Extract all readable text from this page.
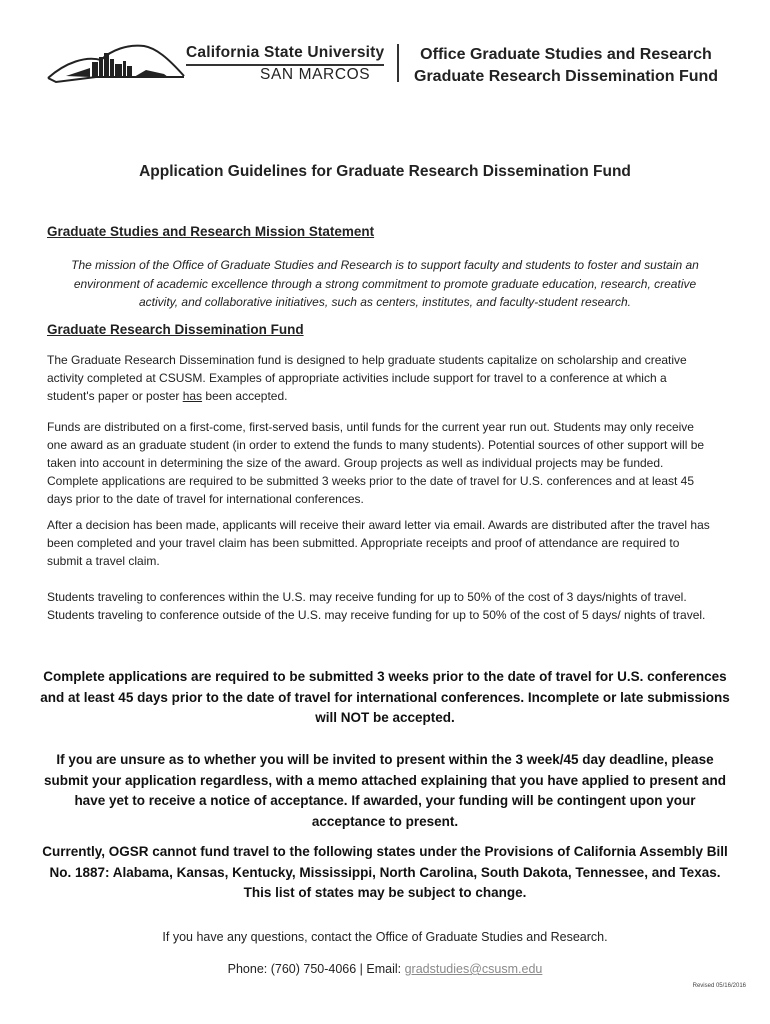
California State University
SAN MARCOS
Office Graduate Studies and Research
Graduate Research Dissemination Fund
Application Guidelines for Graduate Research Dissemination Fund
Graduate Studies and Research Mission Statement
The mission of the Office of Graduate Studies and Research is to support faculty and students to foster and sustain an environment of academic excellence through a strong commitment to promote graduate education, research, creative activity, and collaborative initiatives, such as centers, institutes, and faculty-student research.
Graduate Research Dissemination Fund
The Graduate Research Dissemination fund is designed to help graduate students capitalize on scholarship and creative activity completed at CSUSM. Examples of appropriate activities include support for travel to a conference at which a student's paper or poster has been accepted.
Funds are distributed on a first-come, first-served basis, until funds for the current year run out. Students may only receive one award as an graduate student (in order to extend the funds to many students). Potential sources of other support will be taken into account in determining the size of the award. Group projects as well as individual projects may be funded. Complete applications are required to be submitted 3 weeks prior to the date of travel for U.S. conferences and at least 45 days prior to the date of travel for international conferences.
After a decision has been made, applicants will receive their award letter via email. Awards are distributed after the travel has been completed and your travel claim has been submitted. Appropriate receipts and proof of attendance are required to submit a travel claim.
Students traveling to conferences within the U.S. may receive funding for up to 50% of the cost of 3 days/nights of travel. Students traveling to conference outside of the U.S. may receive funding for up to 50% of the cost of 5 days/ nights of travel.
Complete applications are required to be submitted 3 weeks prior to the date of travel for U.S. conferences and at least 45 days prior to the date of travel for international conferences. Incomplete or late submissions will NOT be accepted.
If you are unsure as to whether you will be invited to present within the 3 week/45 day deadline, please submit your application regardless, with a memo attached explaining that you have applied to present and have yet to receive a notice of acceptance. If awarded, your funding will be contingent upon your acceptance to present.
Currently, OGSR cannot fund travel to the following states under the Provisions of California Assembly Bill No. 1887: Alabama, Kansas, Kentucky, Mississippi, North Carolina, South Dakota, Tennessee, and Texas. This list of states may be subject to change.
If you have any questions, contact the Office of Graduate Studies and Research.
Phone: (760) 750-4066 | Email: gradstudies@csusm.edu
Revised 05/16/2016
